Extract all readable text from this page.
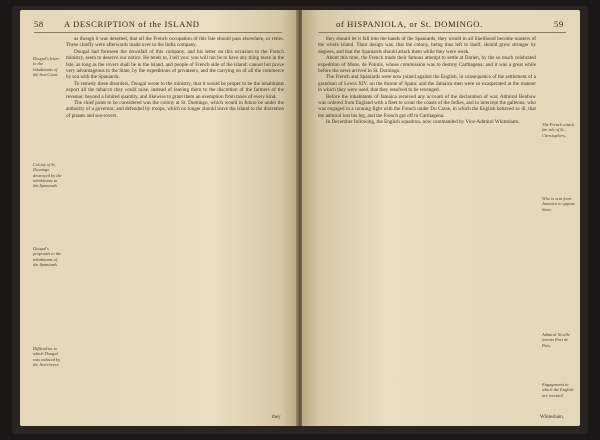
58 A DESCRIPTION of the ISLAND
Dougal's letter to the Inhabitants of the Sea-Coast.
Colony of St. Domingo destroyed by the inhabitants in the Spaniards.
Dougal's proposals to the inhabitants of the Spaniards.
Difficulties to which Dougal was reduced by the Sea-rovers.

as though it was deserted, that all the French occupation of this Isle should pass elsewhere, or retire. These chiefly were afterwards made over to the India company.

Dougal had foreseen the downfall of this company, and his letter on this occasion to the French ministry, seem to deserve our notice. He tends to, I tell you: you will not be to have any thing more in the Isle, as long as the rovers shall be in the island, and people of French side of the island; cannot but prove very advantageous to the State, by the expeditions of privateers, and the carrying on of all the commerce by sea with the Spaniards.

To remedy these disorders, Dougal wrote to the ministry, that it would be proper to be the inhabitants export all the tobacco they could raise, instead of leaving them to the discretion of the farmers of the revenue; beyond a limited quantity, and likewise to grant them an exemption from taxes of every kind.

The chief point to be considered was the colony at St. Domingo, which would in future be under the authority of a governor, and defended by troops, which no longer should leave the island to the discretion of pirates and sea-rovers.

they
of HISPANIOLA, or St. DOMINGO.	59
The French attack the isle of St. Christophers.
Who is sent from Jamaica to oppose them.
Admiral Neville invests Port de Paix.
Engagement in which the English are worsted.

they should let it fall into the hands of the Spaniards, they would in all likelihood become masters of the whole island. Their design was, that the colony, being thus left to itself, should grow stronger by degrees, and that the Spaniards should attack them while they were weak.

About this time, the French made their famous attempt to settle at Darien, by the so much celebrated expedition of Mons. de Pointis, whose commission was to destroy Carthagena; and it was a great while before the news arrived in St. Domingo.

The French and Spaniards were now joined against the English, in consequence of the settlement of a grandson of Lewis XIV. on the throne of Spain; and the Jamaica men were so exasperated at the manner in which they were used, that they resolved to be revenged.

Before the inhabitants of Jamaica received any account of the declaration of war, Admiral Benbow was ordered from England with a fleet to scour the coasts of the Indies, and to intercept the galleons; who was engaged in a running fight with the French under Du Casse, in which the English behaved so ill, that the admiral lost his leg, and the French got off to Carthagena.

In December following, the English squadron, now commanded by Vice-Admiral Whitesham,

Whitesham,
